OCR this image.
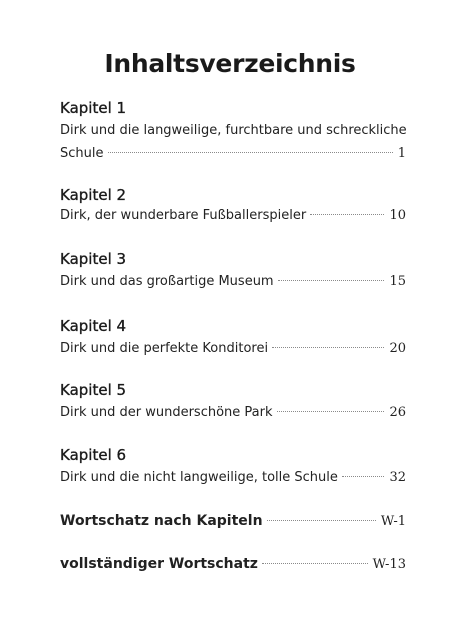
Inhaltsverzeichnis
Kapitel 1
Dirk und die langweilige, furchtbare und schreckliche
Schule	1
Kapitel 2
Dirk, der wunderbare Fußballerspieler	10
Kapitel 3
Dirk und das großartige Museum	15
Kapitel 4
Dirk und die perfekte Konditorei	20
Kapitel 5
Dirk und der wunderschöne Park	26
Kapitel 6
Dirk und die nicht langweilige, tolle Schule	32
Wortschatz nach Kapiteln	W-1
vollständiger Wortschatz	W-13
